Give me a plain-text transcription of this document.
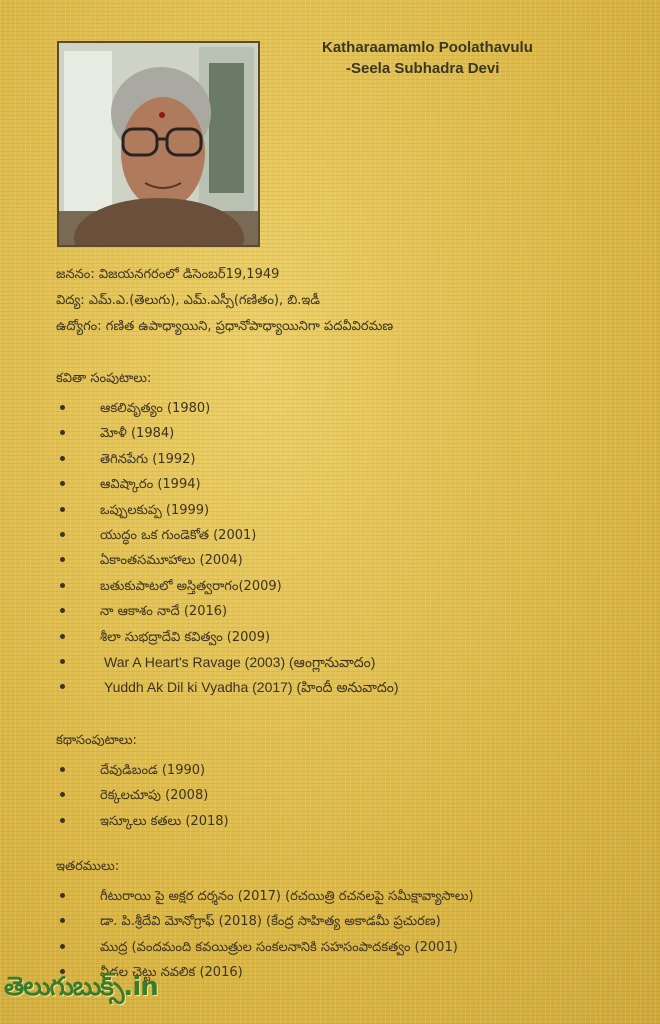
Katharaamamlo Poolathavulu
-Seela Subhadra Devi
జననం: విజయనగరంలో డిసెంబర్19,1949
విద్య: ఎమ్.ఎ.(తెలుగు), ఎమ్.ఎస్సీ(గణితం), బి.ఇడీ
ఉద్యోగం: గణిత ఉపాధ్యాయిని, ప్రధానోపాధ్యాయినిగా పదవీవిరమణ
కవితా సంపుటాలు:
ఆకలివృత్యం (1980)
మోళీ (1984)
తెగినపేగు (1992)
ఆవిష్కారం (1994)
ఒప్పులకుప్ప (1999)
యుద్ధం ఒక గుండెకోత (2001)
ఏకాంతసమూహాలు (2004)
బతుకుపాటలో అస్తిత్వరాగం(2009)
నా ఆకాశం నాదే (2016)
శీలా సుభద్రాదేవి కవిత్వం (2009)
War A Heart's Ravage (2003) (ఆంగ్లానువాదం)
Yuddh Ak Dil ki Vyadha (2017) (హిందీ అనువాదం)
కథాసంపుటాలు:
దేవుడిబండ (1990)
రెక్కలచూపు (2008)
ఇస్కూలు కతలు (2018)
ఇతరములు:
గీటురాయి పై అక్షర దర్శనం (2017) (రచయిత్రి రచనలపై సమీక్షావ్యాసాలు)
డా. పి.శ్రీదేవి మోనోగ్రాఫ్ (2018) (కేంద్ర సాహిత్య అకాడమీ ప్రచురణ)
ముద్ర (వందమంది కవయిత్రుల సంకలనానికి సహసంపాదకత్వం (2001)
నీడల చెట్టు నవలిక (2016)
తెలుగుబుక్స్.in
